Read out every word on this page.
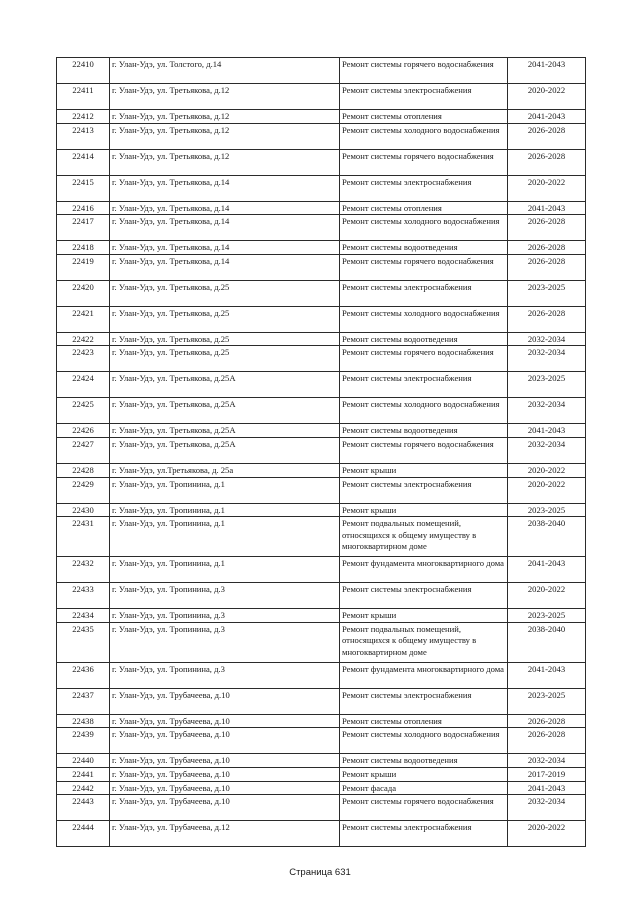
22410	г. Улан-Удэ, ул. Толстого, д.14	Ремонт системы горячего водоснабжения	2041-2043
22411	г. Улан-Удэ, ул. Третьякова, д.12	Ремонт системы электроснабжения	2020-2022
22412	г. Улан-Удэ, ул. Третьякова, д.12	Ремонт системы отопления	2041-2043
22413	г. Улан-Удэ, ул. Третьякова, д.12	Ремонт системы холодного водоснабжения	2026-2028
22414	г. Улан-Удэ, ул. Третьякова, д.12	Ремонт системы горячего водоснабжения	2026-2028
22415	г. Улан-Удэ, ул. Третьякова, д.14	Ремонт системы электроснабжения	2020-2022
22416	г. Улан-Удэ, ул. Третьякова, д.14	Ремонт системы отопления	2041-2043
22417	г. Улан-Удэ, ул. Третьякова, д.14	Ремонт системы холодного водоснабжения	2026-2028
22418	г. Улан-Удэ, ул. Третьякова, д.14	Ремонт системы водоотведения	2026-2028
22419	г. Улан-Удэ, ул. Третьякова, д.14	Ремонт системы горячего водоснабжения	2026-2028
22420	г. Улан-Удэ, ул. Третьякова, д.25	Ремонт системы электроснабжения	2023-2025
22421	г. Улан-Удэ, ул. Третьякова, д.25	Ремонт системы холодного водоснабжения	2026-2028
22422	г. Улан-Удэ, ул. Третьякова, д.25	Ремонт системы водоотведения	2032-2034
22423	г. Улан-Удэ, ул. Третьякова, д.25	Ремонт системы горячего водоснабжения	2032-2034
22424	г. Улан-Удэ, ул. Третьякова, д.25А	Ремонт системы электроснабжения	2023-2025
22425	г. Улан-Удэ, ул. Третьякова, д.25А	Ремонт системы холодного водоснабжения	2032-2034
22426	г. Улан-Удэ, ул. Третьякова, д.25А	Ремонт системы водоотведения	2041-2043
22427	г. Улан-Удэ, ул. Третьякова, д.25А	Ремонт системы горячего водоснабжения	2032-2034
22428	г. Улан-Удэ, ул.Третьякова, д. 25а	Ремонт крыши	2020-2022
22429	г. Улан-Удэ, ул. Тропинина, д.1	Ремонт системы электроснабжения	2020-2022
22430	г. Улан-Удэ, ул. Тропинина, д.1	Ремонт крыши	2023-2025
22431	г. Улан-Удэ, ул. Тропинина, д.1	Ремонт подвальных помещений, относящихся к общему имуществу в многоквартирном доме	2038-2040
22432	г. Улан-Удэ, ул. Тропинина, д.1	Ремонт фундамента многоквартирного дома	2041-2043
22433	г. Улан-Удэ, ул. Тропинина, д.3	Ремонт системы электроснабжения	2020-2022
22434	г. Улан-Удэ, ул. Тропинина, д.3	Ремонт крыши	2023-2025
22435	г. Улан-Удэ, ул. Тропинина, д.3	Ремонт подвальных помещений, относящихся к общему имуществу в многоквартирном доме	2038-2040
22436	г. Улан-Удэ, ул. Тропинина, д.3	Ремонт фундамента многоквартирного дома	2041-2043
22437	г. Улан-Удэ, ул. Трубачеева, д.10	Ремонт системы электроснабжения	2023-2025
22438	г. Улан-Удэ, ул. Трубачеева, д.10	Ремонт системы отопления	2026-2028
22439	г. Улан-Удэ, ул. Трубачеева, д.10	Ремонт системы холодного водоснабжения	2026-2028
22440	г. Улан-Удэ, ул. Трубачеева, д.10	Ремонт системы водоотведения	2032-2034
22441	г. Улан-Удэ, ул. Трубачеева, д.10	Ремонт крыши	2017-2019
22442	г. Улан-Удэ, ул. Трубачеева, д.10	Ремонт фасада	2041-2043
22443	г. Улан-Удэ, ул. Трубачеева, д.10	Ремонт системы горячего водоснабжения	2032-2034
22444	г. Улан-Удэ, ул. Трубачеева, д.12	Ремонт системы электроснабжения	2020-2022
Страница 631
